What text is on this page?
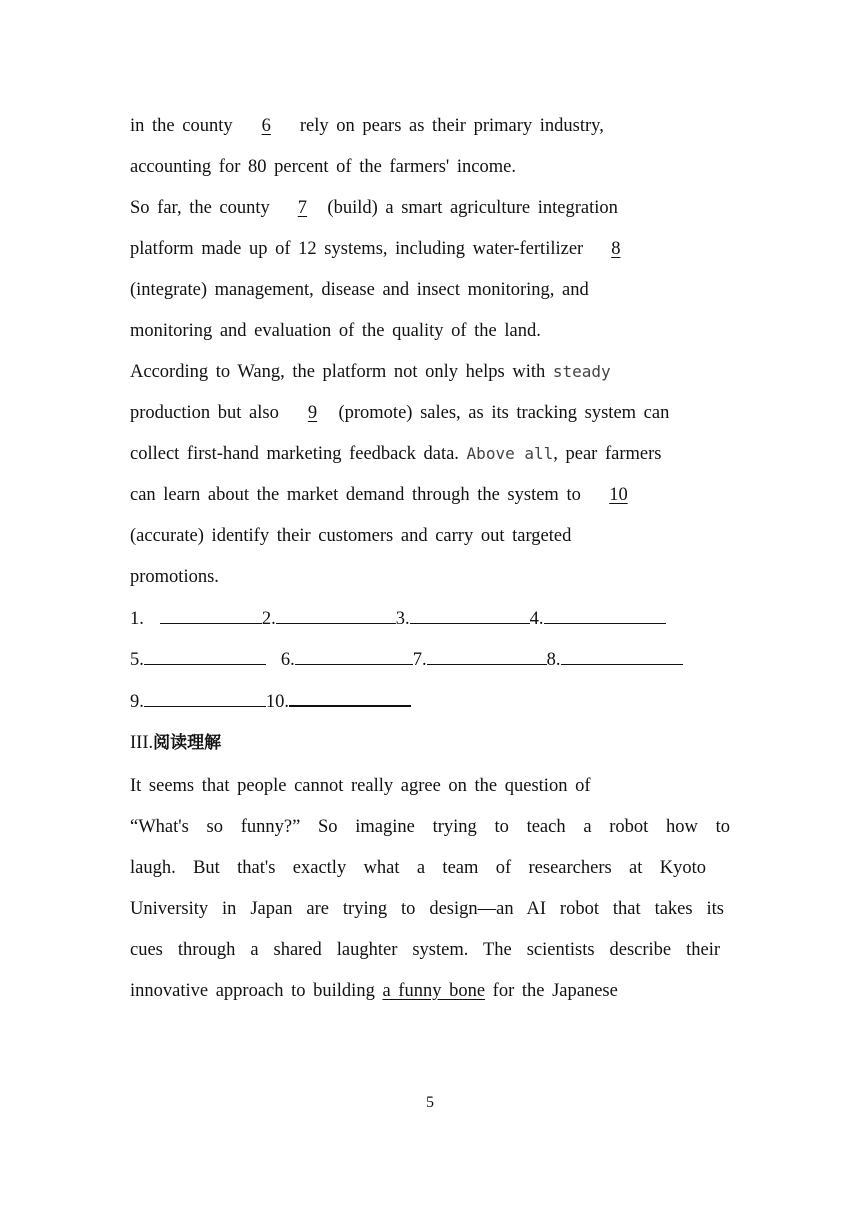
in the county 6 rely on pears as their primary industry,
accounting for 80 percent of the farmers' income.
So far, the county 7 (build) a smart agriculture integration
platform made up of 12 systems, including water-fertilizer 8
(integrate) management, disease and insect monitoring, and
monitoring and evaluation of the quality of the land.
According to Wang, the platform not only helps with steady
production but also 9 (promote) sales, as its tracking system can
collect first-hand marketing feedback data. Above all, pear farmers
can learn about the market demand through the system to 10
(accurate) identify their customers and carry out targeted
promotions.
1.	2.	3.	4.
5.	6.	7.	8.
9.	10.
III.阅读理解
It seems that people cannot really agree on the question of
“What's so funny?” So imagine trying to teach a robot how to
laugh. But that's exactly what a team of researchers at Kyoto
University in Japan are trying to design—an AI robot that takes its
cues through a shared laughter system. The scientists describe their
innovative approach to building a funny bone for the Japanese
5
